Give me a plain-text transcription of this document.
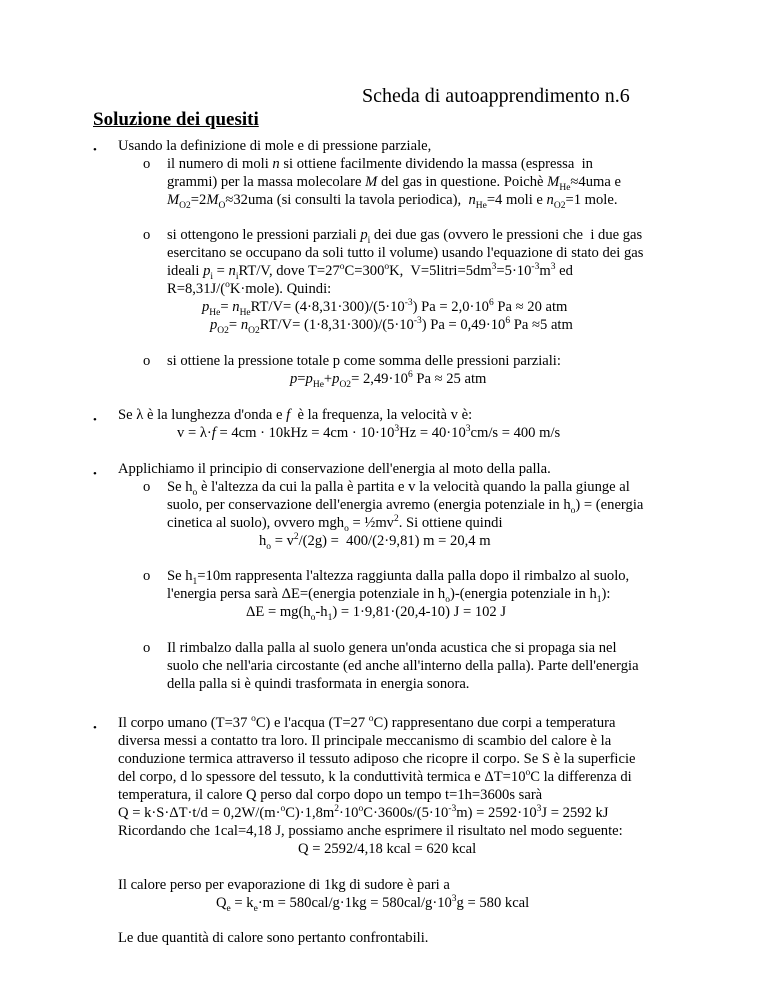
Scheda di autoapprendimento n.6
Soluzione dei quesiti
• Usando la definizione di mole e di pressione parziale,
o il numero di moli n si ottiene facilmente dividendo la massa (espressa  in
grammi) per la massa molecolare M del gas in questione. Poichè $M_{He}\approx 4uma$ e
$M_{O2}=2M_O\approx 32uma$ (si consulti la tavola periodica),  $n_{He}=4$ moli e $n_{O2}=1$ mole.
o si ottengono le pressioni parziali $p_i$ dei due gas (ovvero le pressioni che  i due gas
esercitano se occupano da soli tutto il volume) usando l'equazione di stato dei gas
ideali $p_i = n_iRT/V$, dove $T=27^oC=300^oK$,  $V=5litri=5dm^3=5\cdot 10^{-3}m^3$ ed
R=8,31J/($^o$K·mole). Quindi:
$p_{He}= n_{He}RT/V= (4\cdot 8,31\cdot 300)/(5\cdot 10^{-3}) Pa = 2,0\cdot 10^6$ Pa ≈ 20 atm
$p_{O2}= n_{O2}RT/V= (1\cdot 8,31\cdot 300)/(5\cdot 10^{-3}) Pa = 0,49\cdot 10^6$ Pa ≈5 atm
o si ottiene la pressione totale p come somma delle pressioni parziali:
$p=p_{He}+p_{O2}= 2,49\cdot 10^6$ Pa ≈ 25 atm
• Se λ è la lunghezza d'onda e f  è la frequenza, la velocità v è:
$v = \lambda\cdot f = 4cm \cdot 10kHz = 4cm \cdot 10\cdot 10^3Hz = 40\cdot 10^3cm/s = 400$ m/s
• Applichiamo il principio di conservazione dell'energia al moto della palla.
o Se $h_o$ è l'altezza da cui la palla è partita e v la velocità quando la palla giunge al
suolo, per conservazione dell'energia avremo (energia potenziale in $h_o$) = (energia
cinetica al suolo), ovvero $mgh_o = \frac{1}{2}mv^2$. Si ottiene quindi
$h_o = v^2/(2g) = 400/(2\cdot 9,81) m = 20,4$ m
o Se $h_1=10m$ rappresenta l'altezza raggiunta dalla palla dopo il rimbalzo al suolo,
l'energia persa sarà ΔE=(energia potenziale in $h_o)-(energia$ potenziale in $h_1$):
$\Delta E = mg(h_o-h_1) = 1\cdot 9,81\cdot(20,4-10) J = 102$ J
o Il rimbalzo dalla palla al suolo genera un'onda acustica che si propaga sia nel
suolo che nell'aria circostante (ed anche all'interno della palla). Parte dell'energia
della palla si è quindi trasformata in energia sonora.
• Il corpo umano (T=37 $^o$C) e l'acqua (T=27 $^o$C) rappresentano due corpi a temperatura
diversa messi a contatto tra loro. Il principale meccanismo di scambio del calore è la
conduzione termica attraverso il tessuto adiposo che ricopre il corpo. Se S è la superficie
del corpo, d lo spessore del tessuto, k la conduttività termica e $\Delta T=10^oC$ la differenza di
temperatura, il calore Q perso dal corpo dopo un tempo t=1h=3600s sarà
$Q = k\cdot S\cdot\Delta T\cdot t/d = 0,2W/(m\cdot^oC)\cdot 1,8m^2\cdot 10^oC\cdot 3600s/(5\cdot 10^{-3}m) = 2592\cdot 10^3J = 2592$ kJ
Ricordando che 1cal=4,18 J, possiamo anche esprimere il risultato nel modo seguente:
Q = 2592/4,18 kcal = 620 kcal
Il calore perso per evaporazione di 1kg di sudore è pari a
$Q_e = k_e\cdot m = 580cal/g\cdot 1kg = 580cal/g\cdot 10^3g = 580$ kcal
Le due quantità di calore sono pertanto confrontabili.
